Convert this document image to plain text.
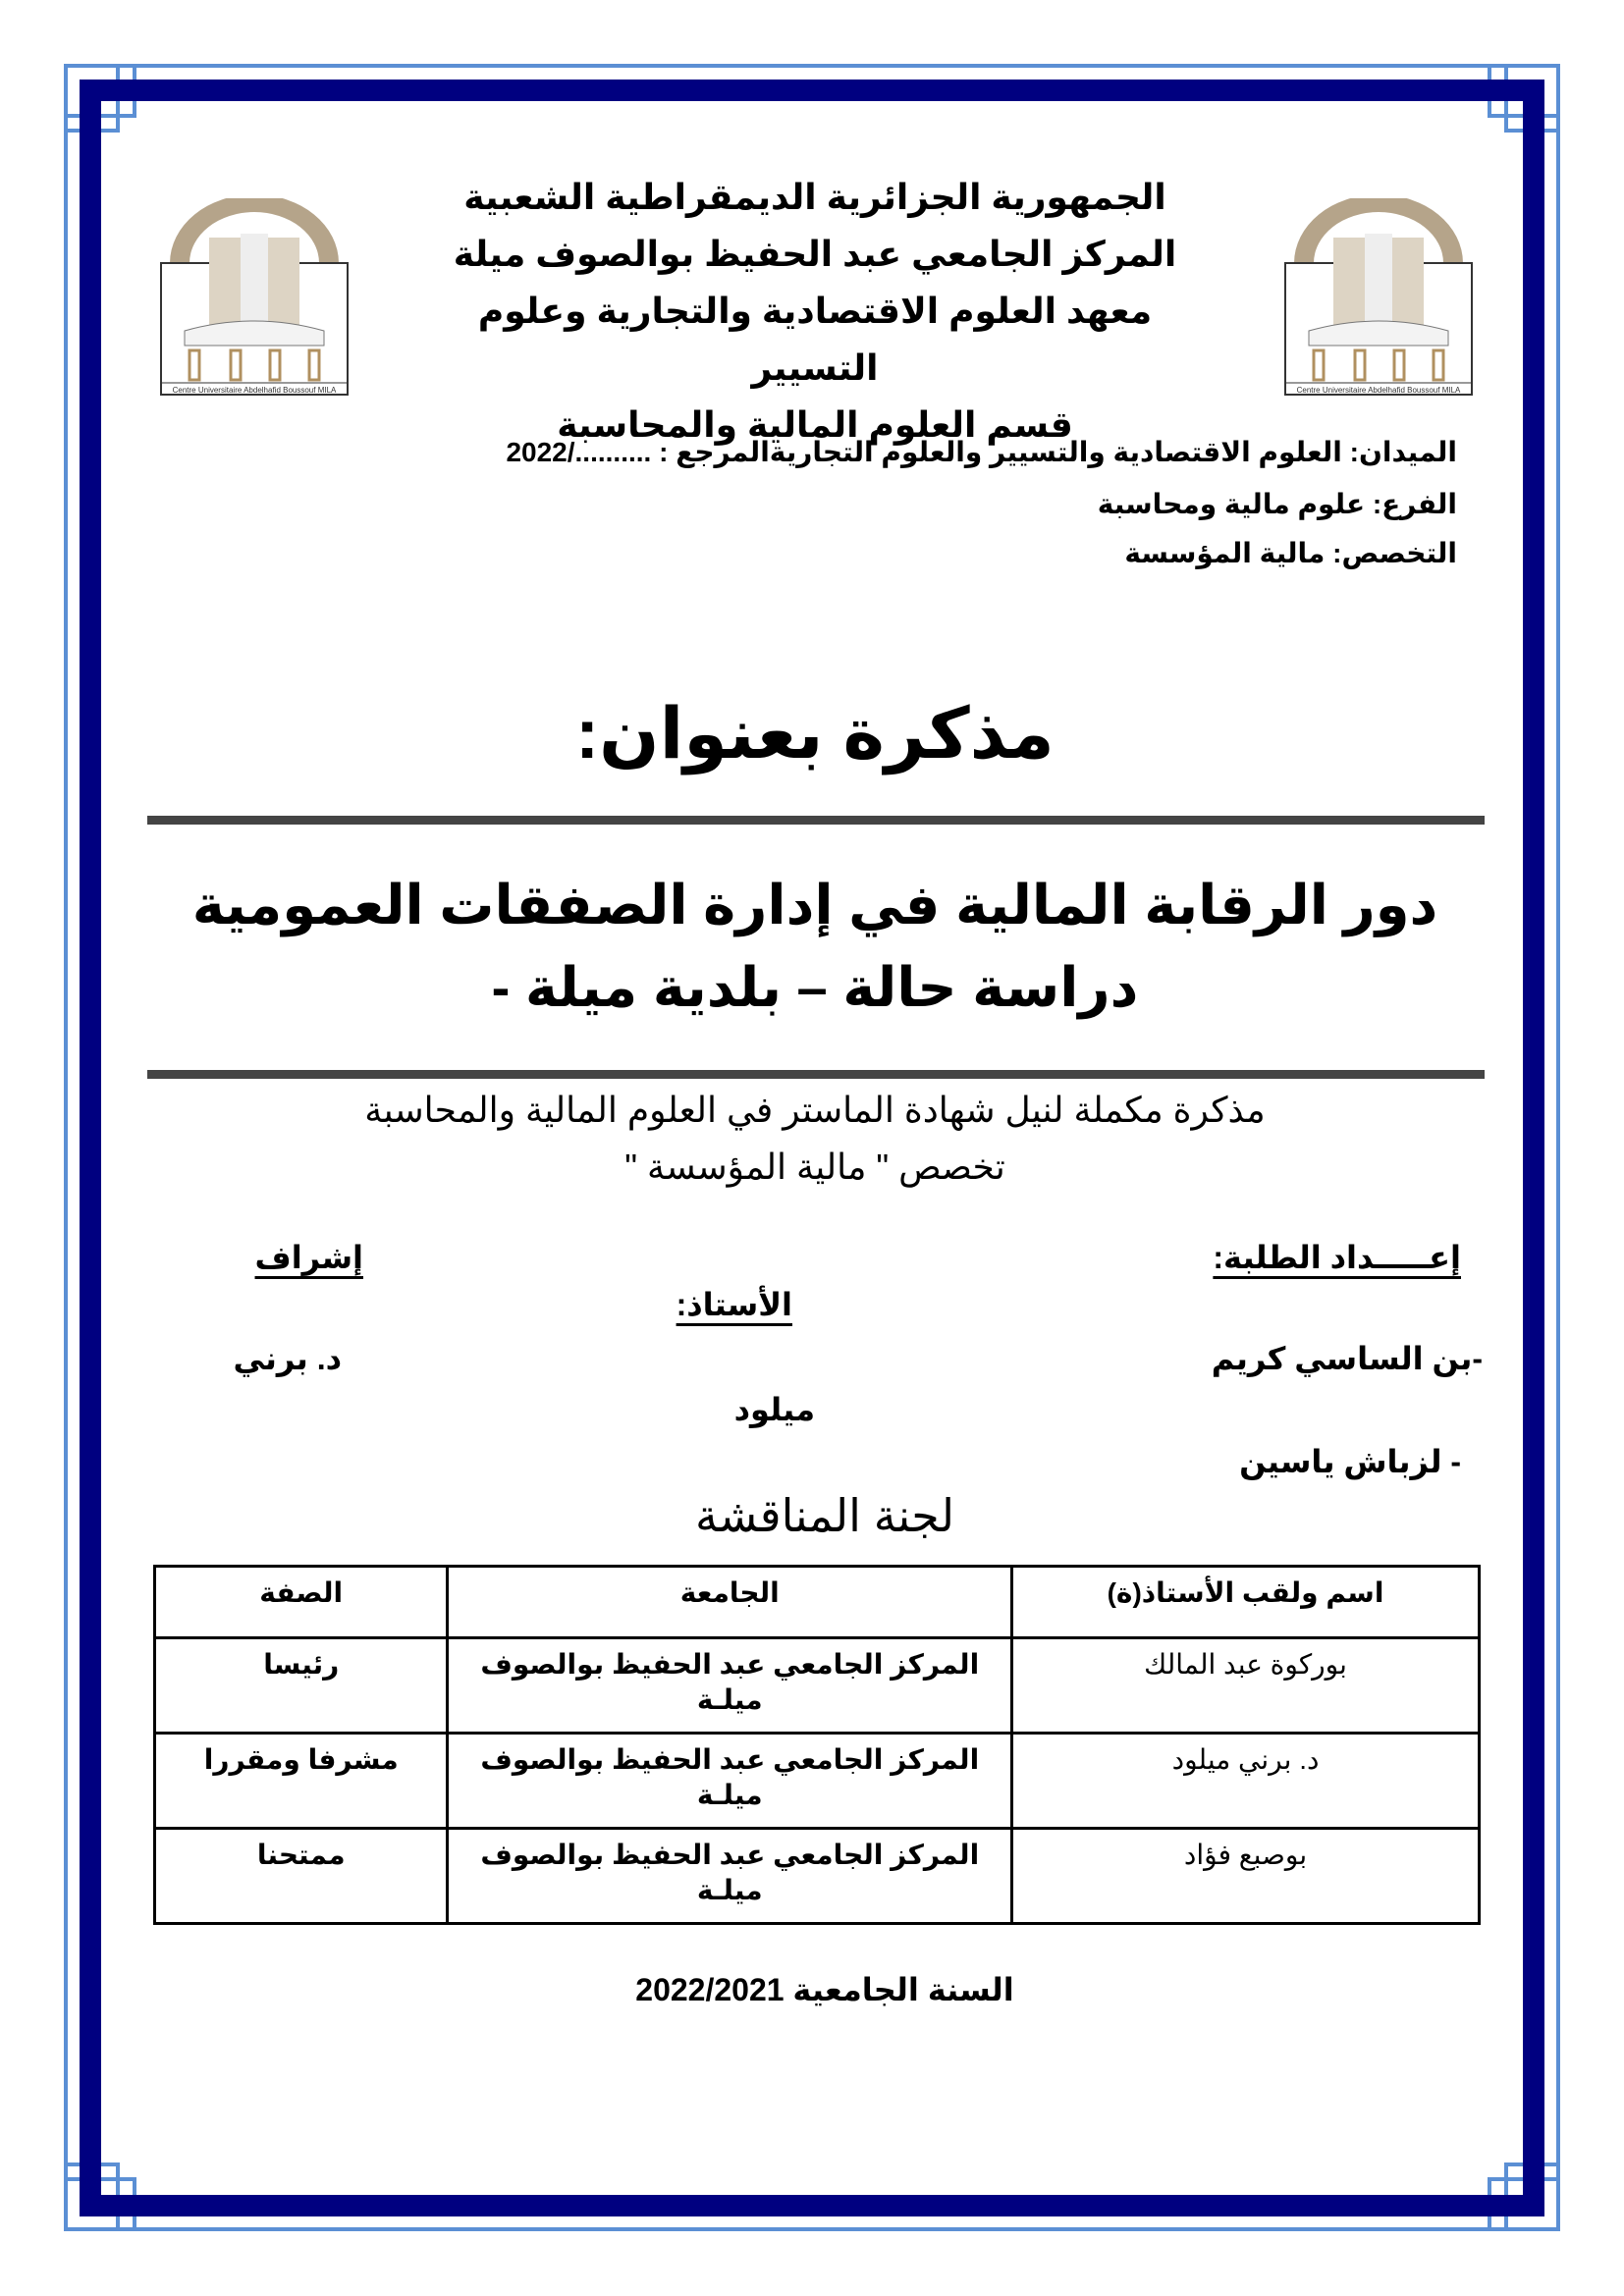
Centre Universitaire Abdelhafid Boussouf MILA	Centre Universitaire Abdelhafid Boussouf MILA
الجمهورية الجزائرية الديمقراطية الشعبية
المركز الجامعي عبد الحفيظ بوالصوف ميلة
معهد العلوم الاقتصادية والتجارية وعلوم التسيير
قسم العلوم المالية والمحاسبة
الميدان: العلوم الاقتصادية والتسيير والعلوم التجاريةالمرجع : ........../2022
الفرع: علوم مالية ومحاسبة
التخصص: مالية المؤسسة
مذكرة بعنوان:
دور الرقابة المالية في إدارة الصفقات العمومية
دراسة حالة – بلدية ميلة -
مذكرة مكملة لنيل شهادة الماستر في العلوم المالية والمحاسبة
تخصص " مالية المؤسسة "
إعـــــداد الطلبة:
إشراف
الأستاذ:
-بن الساسي كريم
د. برني
ميلود
- لزباش ياسين
لجنة المناقشة
اسم ولقب الأستاذ(ة)	الجامعة	الصفة
بوركوة عبد المالك	المركز الجامعي عبد الحفيظ بوالصوف ميلـة	رئيسا
د. برني ميلود	المركز الجامعي عبد الحفيظ بوالصوف ميلـة	مشرفا ومقررا
بوصبع فؤاد	المركز الجامعي عبد الحفيظ بوالصوف ميلـة	ممتحنا
السنة الجامعية 2022/2021
